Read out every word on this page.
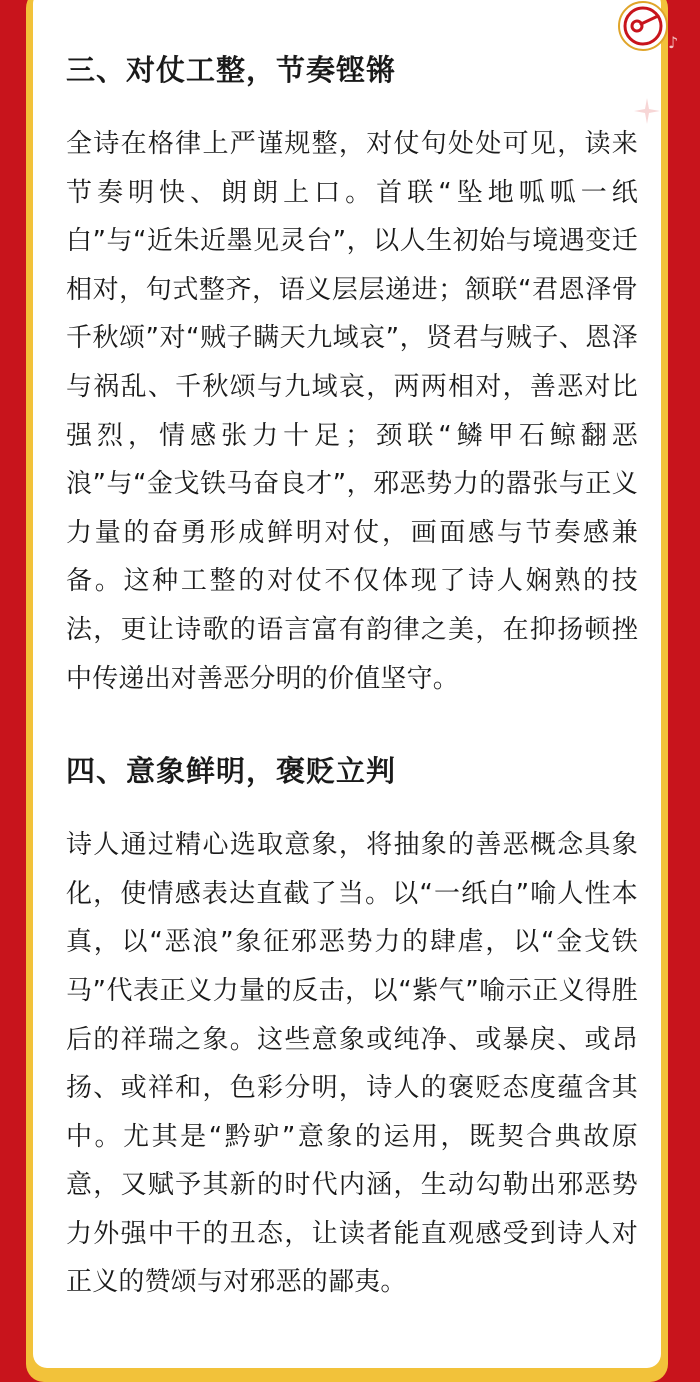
♪
三、对仗工整，节奏铿锵

全诗在格律上严谨规整，对仗句处处可见，读来节奏明快、朗朗上口。首联“坠地呱呱一纸白”与“近朱近墨见灵台”，以人生初始与境遇变迁相对，句式整齐，语义层层递进；颔联“君恩泽骨千秋颂”对“贼子瞒天九域哀”，贤君与贼子、恩泽与祸乱、千秋颂与九域哀，两两相对，善恶对比强烈，情感张力十足；颈联“鳞甲石鲸翻恶浪”与“金戈铁马奋良才”，邪恶势力的嚣张与正义力量的奋勇形成鲜明对仗，画面感与节奏感兼备。这种工整的对仗不仅体现了诗人娴熟的技法，更让诗歌的语言富有韵律之美，在抑扬顿挫中传递出对善恶分明的价值坚守。

四、意象鲜明，褒贬立判

诗人通过精心选取意象，将抽象的善恶概念具象化，使情感表达直截了当。以“一纸白”喻人性本真，以“恶浪”象征邪恶势力的肆虐，以“金戈铁马”代表正义力量的反击，以“紫气”喻示正义得胜后的祥瑞之象。这些意象或纯净、或暴戾、或昂扬、或祥和，色彩分明，诗人的褒贬态度蕴含其中。尤其是“黔驴”意象的运用，既契合典故原意，又赋予其新的时代内涵，生动勾勒出邪恶势力外强中干的丑态，让读者能直观感受到诗人对正义的赞颂与对邪恶的鄙夷。
